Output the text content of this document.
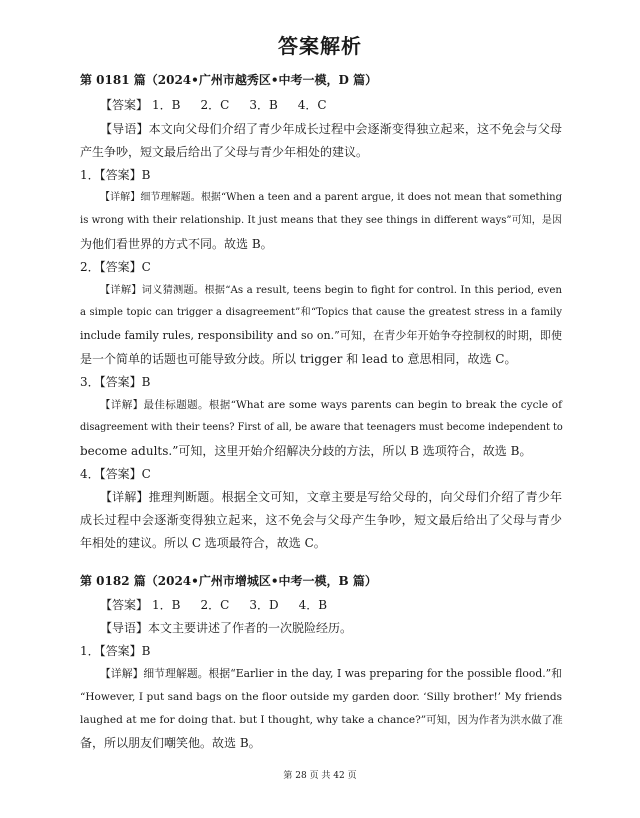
答案解析
第 0181 篇（2024•广州市越秀区•中考一模，D 篇）
【答案】 1．B 2．C 3．B 4．C
【导语】本文向父母们介绍了青少年成长过程中会逐渐变得独立起来，这不免会与父母
产生争吵，短文最后给出了父母与青少年相处的建议。
1．【答案】B
【详解】细节理解题。根据“When a teen and a parent argue, it does not mean that something
is wrong with their relationship. It just means that they see things in different ways”可知，是因
为他们看世界的方式不同。故选 B。
2．【答案】C
【详解】词义猜测题。根据“As a result, teens begin to fight for control. In this period, even
a simple topic can trigger a disagreement”和“Topics that cause the greatest stress in a family
include family rules, responsibility and so on.”可知，在青少年开始争夺控制权的时期，即使
是一个简单的话题也可能导致分歧。所以 trigger 和 lead to 意思相同，故选 C。
3．【答案】B
【详解】最佳标题题。根据“What are some ways parents can begin to break the cycle of
disagreement with their teens? First of all, be aware that teenagers must become independent to
become adults.”可知，这里开始介绍解决分歧的方法，所以 B 选项符合，故选 B。
4．【答案】C
【详解】推理判断题。根据全文可知，文章主要是写给父母的，向父母们介绍了青少年
成长过程中会逐渐变得独立起来，这不免会与父母产生争吵，短文最后给出了父母与青少
年相处的建议。所以 C 选项最符合，故选 C。
第 0182 篇（2024•广州市增城区•中考一模，B 篇）
【答案】 1．B 2．C 3．D 4．B
【导语】本文主要讲述了作者的一次脱险经历。
1．【答案】B
【详解】细节理解题。根据“Earlier in the day, I was preparing for the possible flood.”和
“However, I put sand bags on the floor outside my garden door. ‘Silly brother!’ My friends
laughed at me for doing that. but I thought, why take a chance?”可知，因为作者为洪水做了准
备，所以朋友们嘲笑他。故选 B。
第 28 页 共 42 页
